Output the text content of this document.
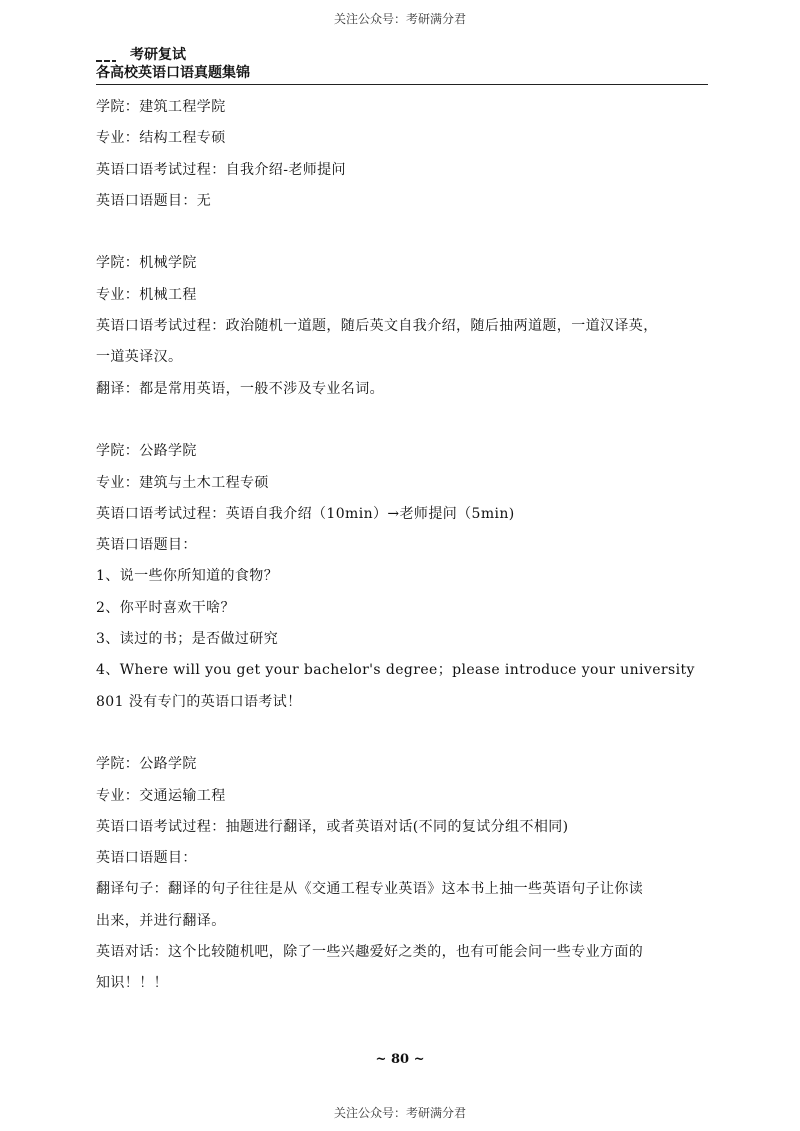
关注公众号：考研满分君
考研复试
各高校英语口语真题集锦
学院：建筑工程学院
专业：结构工程专硕
英语口语考试过程：自我介绍-老师提问
英语口语题目：无
学院：机械学院
专业：机械工程
英语口语考试过程：政治随机一道题，随后英文自我介绍，随后抽两道题，一道汉译英，
一道英译汉。
翻译：都是常用英语，一般不涉及专业名词。
学院：公路学院
专业：建筑与土木工程专硕
英语口语考试过程：英语自我介绍（10min）→老师提问（5min)
英语口语题目：
1、说一些你所知道的食物？
2、你平时喜欢干啥？
3、读过的书；是否做过研究
4、Where will you get your bachelor's degree；please introduce your university
801 没有专门的英语口语考试！
学院：公路学院
专业：交通运输工程
英语口语考试过程：抽题进行翻译，或者英语对话(不同的复试分组不相同)
英语口语题目：
翻译句子：翻译的句子往往是从《交通工程专业英语》这本书上抽一些英语句子让你读
出来，并进行翻译。
英语对话：这个比较随机吧，除了一些兴趣爱好之类的，也有可能会问一些专业方面的
知识！！！
~ 80 ~
关注公众号：考研满分君
